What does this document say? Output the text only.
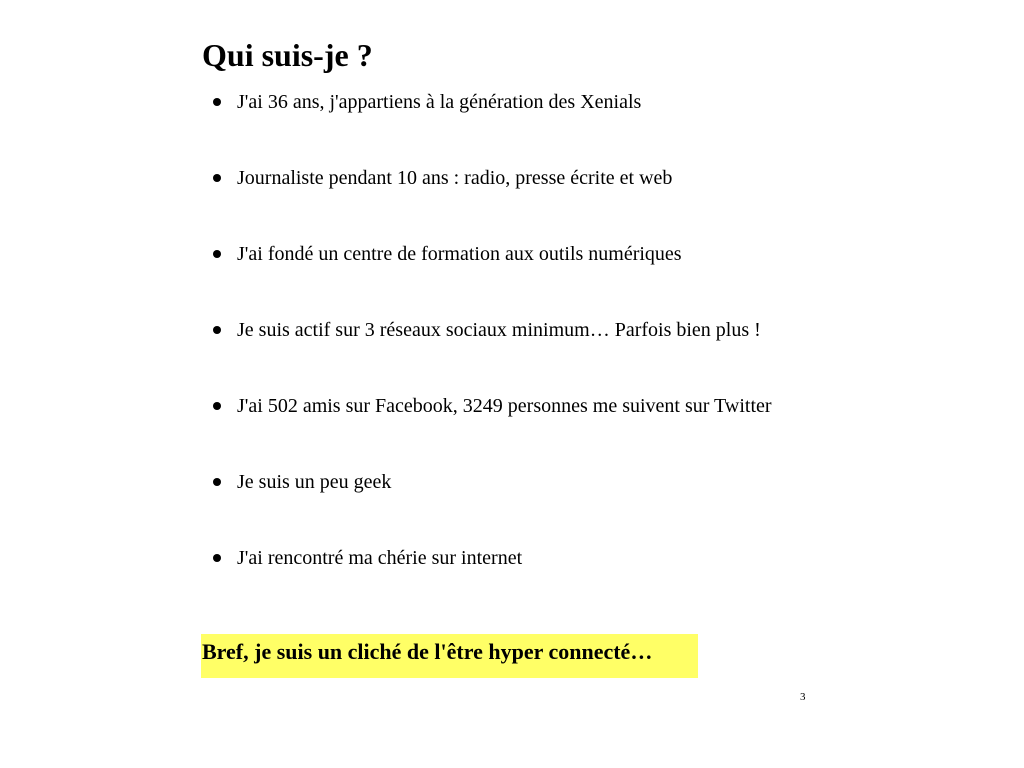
Qui suis-je ?
J'ai 36 ans, j'appartiens à la génération des Xenials
Journaliste pendant 10 ans : radio, presse écrite et web
J'ai fondé un centre de formation aux outils numériques
Je suis actif sur 3 réseaux sociaux minimum… Parfois bien plus !
J'ai 502 amis sur Facebook, 3249 personnes me suivent sur Twitter
Je suis un peu geek
J'ai rencontré ma chérie sur internet
Bref, je suis un cliché de l'être hyper connecté…
3
